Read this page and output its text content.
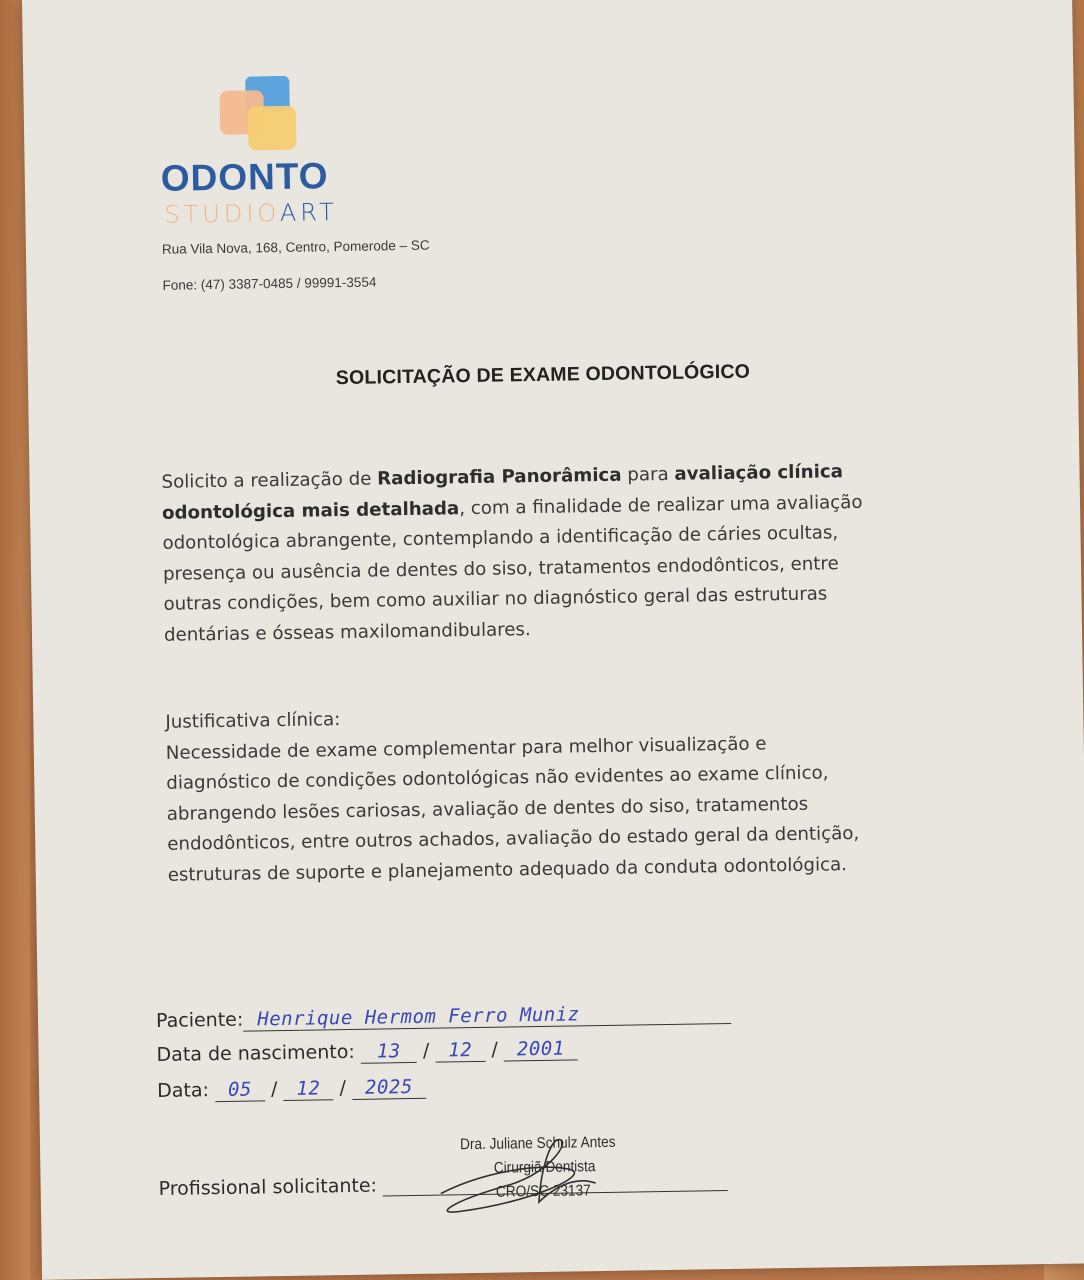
ODONTO
STUDIOART
Rua Vila Nova, 168, Centro, Pomerode – SC
Fone: (47) 3387-0485 / 99991-3554
SOLICITAÇÃO DE EXAME ODONTOLÓGICO
Solicito a realização de Radiografia Panorâmica para avaliação clínica
odontológica mais detalhada, com a finalidade de realizar uma avaliação
odontológica abrangente, contemplando a identificação de cáries ocultas,
presença ou ausência de dentes do siso, tratamentos endodônticos, entre
outras condições, bem como auxiliar no diagnóstico geral das estruturas
dentárias e ósseas maxilomandibulares.
Justificativa clínica:
Necessidade de exame complementar para melhor visualização e
diagnóstico de condições odontológicas não evidentes ao exame clínico,
abrangendo lesões cariosas, avaliação de dentes do siso, tratamentos
endodônticos, entre outros achados, avaliação do estado geral da dentição,
estruturas de suporte e planejamento adequado da conduta odontológica.
Paciente: Henrique Hermom Ferro Muniz
Data de nascimento: 13 / 12 / 2001
Data: 05 / 12 / 2025
Profissional solicitante:
Dra. Juliane Schulz Antes
Cirurgiã Dentista
CRO/SC 23137
